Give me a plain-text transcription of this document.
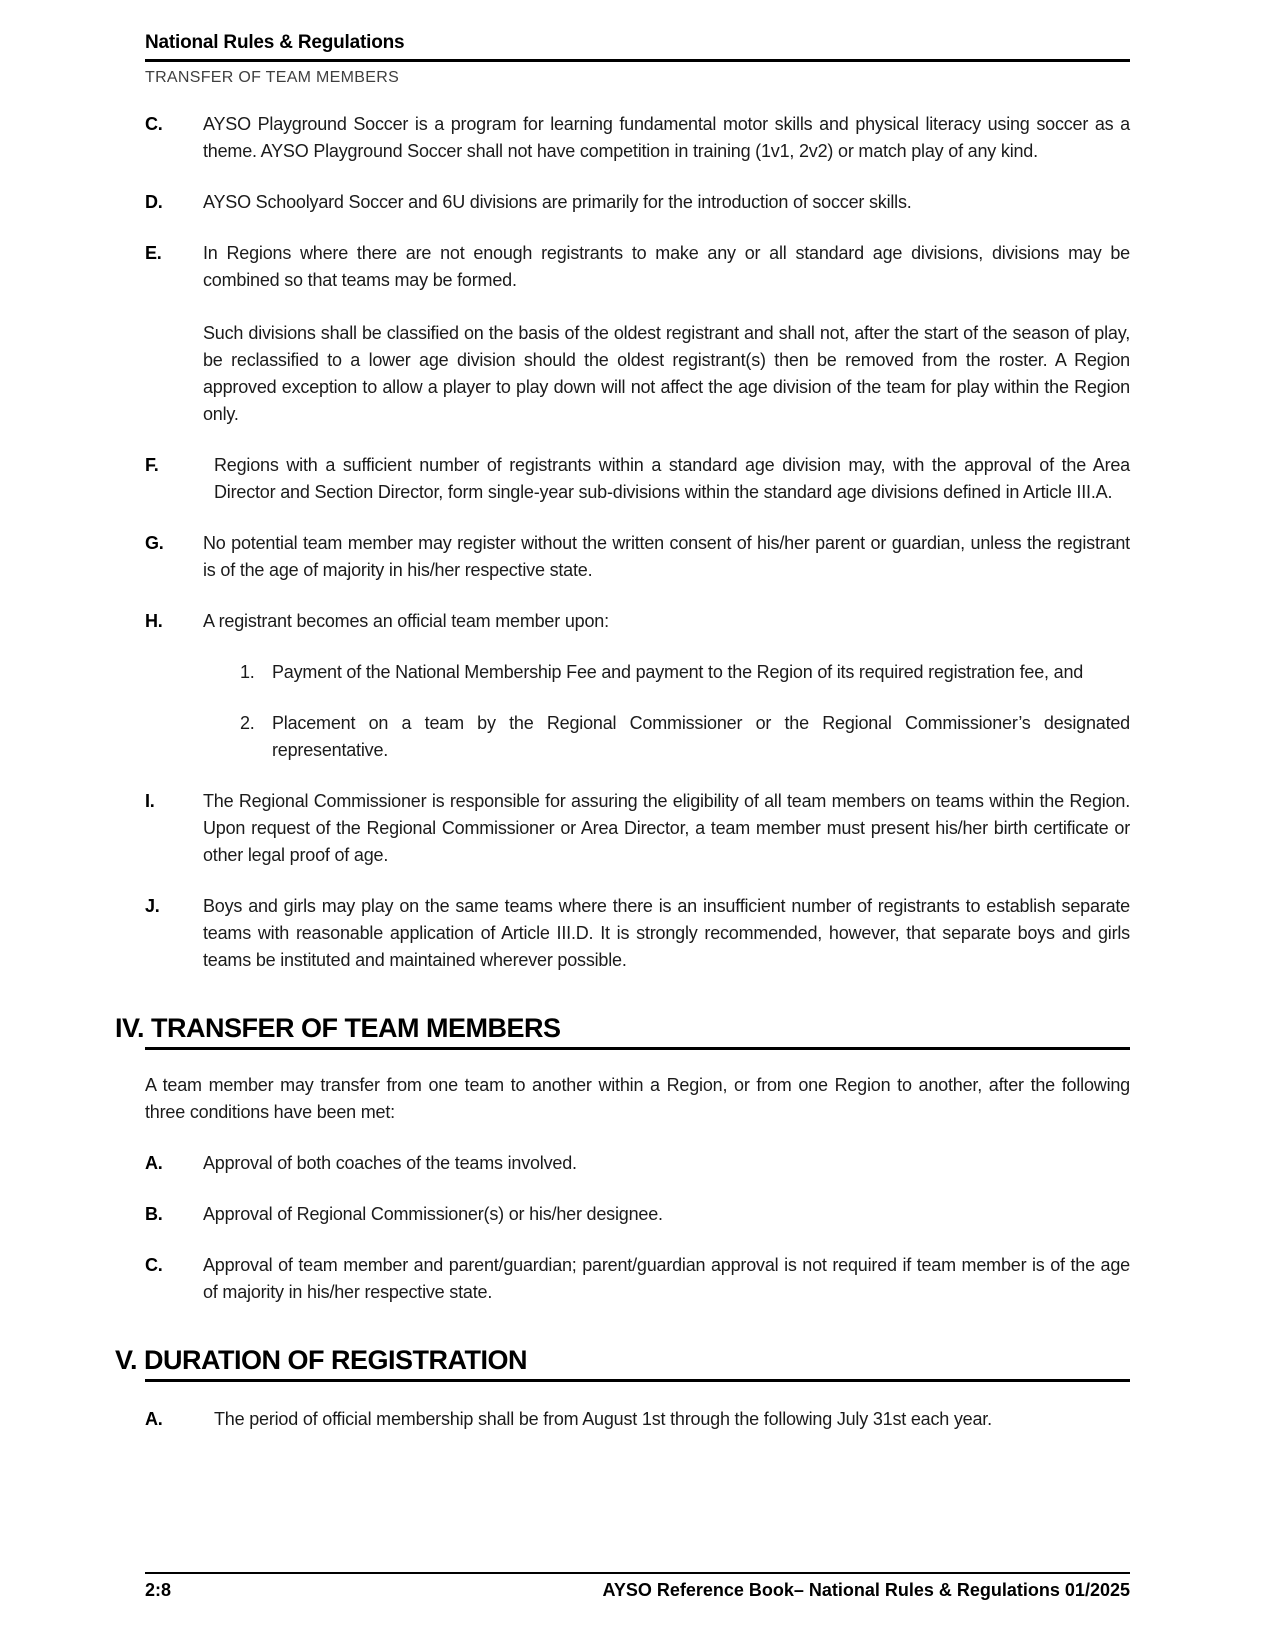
National Rules & Regulations
TRANSFER OF TEAM MEMBERS
C.	AYSO Playground Soccer is a program for learning fundamental motor skills and physical literacy using soccer as a theme. AYSO Playground Soccer shall not have competition in training (1v1, 2v2) or match play of any kind.

D.	AYSO Schoolyard Soccer and 6U divisions are primarily for the introduction of soccer skills.

E.	In Regions where there are not enough registrants to make any or all standard age divisions, divisions may be combined so that teams may be formed.

Such divisions shall be classified on the basis of the oldest registrant and shall not, after the start of the season of play, be reclassified to a lower age division should the oldest registrant(s) then be removed from the roster. A Region approved exception to allow a player to play down will not affect the age division of the team for play within the Region only.

F.	Regions with a sufficient number of registrants within a standard age division may, with the approval of the Area Director and Section Director, form single-year sub-divisions within the standard age divisions defined in Article III.A.

G.	No potential team member may register without the written consent of his/her parent or guardian, unless the registrant is of the age of majority in his/her respective state.

H.	A registrant becomes an official team member upon:

1. Payment of the National Membership Fee and payment to the Region of its required registration fee, and

2. Placement on a team by the Regional Commissioner or the Regional Commissioner’s designated representative.

I.	The Regional Commissioner is responsible for assuring the eligibility of all team members on teams within the Region. Upon request of the Regional Commissioner or Area Director, a team member must present his/her birth certificate or other legal proof of age.

J.	Boys and girls may play on the same teams where there is an insufficient number of registrants to establish separate teams with reasonable application of Article III.D. It is strongly recommended, however, that separate boys and girls teams be instituted and maintained wherever possible.

IV. TRANSFER OF TEAM MEMBERS

A team member may transfer from one team to another within a Region, or from one Region to another, after the following three conditions have been met:

A.	Approval of both coaches of the teams involved.

B.	Approval of Regional Commissioner(s) or his/her designee.

C.	Approval of team member and parent/guardian; parent/guardian approval is not required if team member is of the age of majority in his/her respective state.

V. DURATION OF REGISTRATION
A.	The period of official membership shall be from August 1st through the following July 31st each year.

2:8	AYSO Reference Book– National Rules & Regulations 01/2025
